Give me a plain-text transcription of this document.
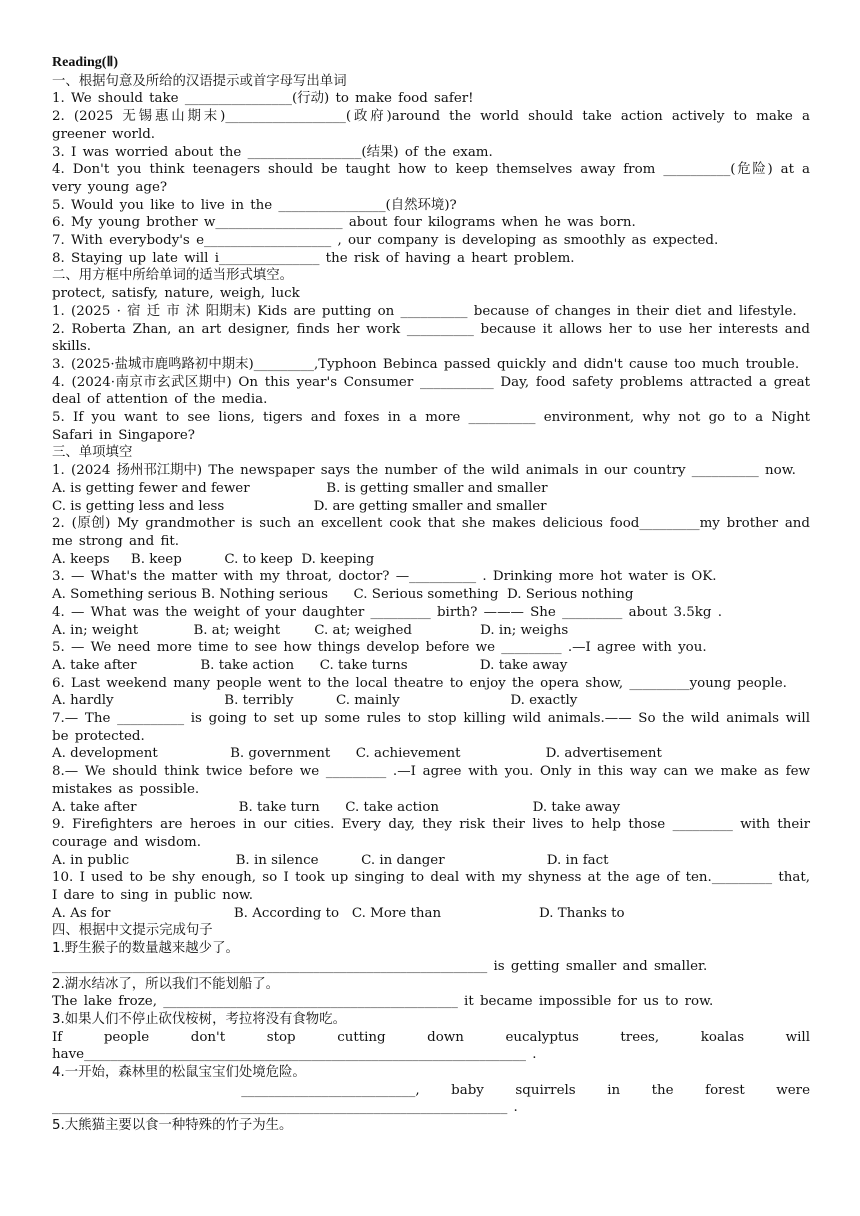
Reading(Ⅱ)
一、根据句意及所给的汉语提示或首字母写出单词
1. We should take ________________(行动) to make food safer!
2. (2025 无锡惠山期末)__________________(政府)around the world should take action actively to make a greener world.
3. I was worried about the _________________(结果) of the exam.
4. Don't you think teenagers should be taught how to keep themselves away from __________(危险) at a very young age?
5. Would you like to live in the ________________(自然环境)?
6. My young brother w___________________ about four kilograms when he was born.
7. With everybody's e___________________ , our company is developing as smoothly as expected.
8. Staying up late will i_______________ the risk of having a heart problem.
二、用方框中所给单词的适当形式填空。
protect, satisfy, nature, weigh, luck
1. (2025 · 宿 迁 市 沭 阳期末) Kids are putting on __________ because of changes in their diet and lifestyle.
2. Roberta Zhan, an art designer, finds her work __________ because it allows her to use her interests and skills.
3. (2025·盐城市鹿鸣路初中期末)_________,Typhoon Bebinca passed quickly and didn't cause too much trouble.
4. (2024·南京市玄武区期中) On this year's Consumer ___________ Day, food safety problems attracted a great deal of attention of the media.
5. If you want to see lions, tigers and foxes in a more __________ environment, why not go to a Night Safari in Singapore?
三、单项填空
1. (2024 扬州邗江期中) The newspaper says the number of the wild animals in our country __________ now.
A. is getting fewer and fewer                  B. is getting smaller and smaller
C. is getting less and less                     D. are getting smaller and smaller
2. (原创) My grandmother is such an excellent cook that she makes delicious food_________my brother and me strong and fit.
A. keeps     B. keep          C. to keep  D. keeping
3. — What's the matter with my throat, doctor? —__________ . Drinking more hot water is OK.
A. Something serious B. Nothing serious      C. Serious something  D. Serious nothing
4. — What was the weight of your daughter _________ birth? ——— She _________ about 3.5kg .
A. in; weight             B. at; weight        C. at; weighed                D. in; weighs
5. — We need more time to see how things develop before we _________ .—I agree with you.
A. take after               B. take action      C. take turns                 D. take away
6. Last weekend many people went to the local theatre to enjoy the opera show, _________young people.
A. hardly                          B. terribly          C. mainly                          D. exactly
7.— The __________ is going to set up some rules to stop killing wild animals.—— So the wild animals will be protected.
A. development                 B. government      C. achievement                    D. advertisement
8.— We should think twice before we _________ .—I agree with you. Only in this way can we make as few mistakes as possible.
A. take after                        B. take turn      C. take action                      D. take away
9. Firefighters are heroes in our cities. Every day, they risk their lives to help those _________ with their courage and wisdom.
A. in public                         B. in silence          C. in danger                        D. in fact
10. I used to be shy enough, so I took up singing to deal with my shyness at the age of ten._________ that, I dare to sing in public now.
A. As for                             B. According to   C. More than                       D. Thanks to
四、根据中文提示完成句子
1.野生猴子的数量越来越少了。
_________________________________________________________________ is getting smaller and smaller.
2.湖水结冰了，所以我们不能划船了。
The lake froze, ____________________________________________ it became impossible for us to row.
3.如果人们不停止砍伐桉树，考拉将没有食物吃。
If people don't stop cutting down eucalyptus trees, koalas will have__________________________________________________________________ .
4.一开始，森林里的松鼠宝宝们处境危险。
__________________________, baby squirrels in the forest were ____________________________________________________________________ .
5.大熊猫主要以食一种特殊的竹子为生。
